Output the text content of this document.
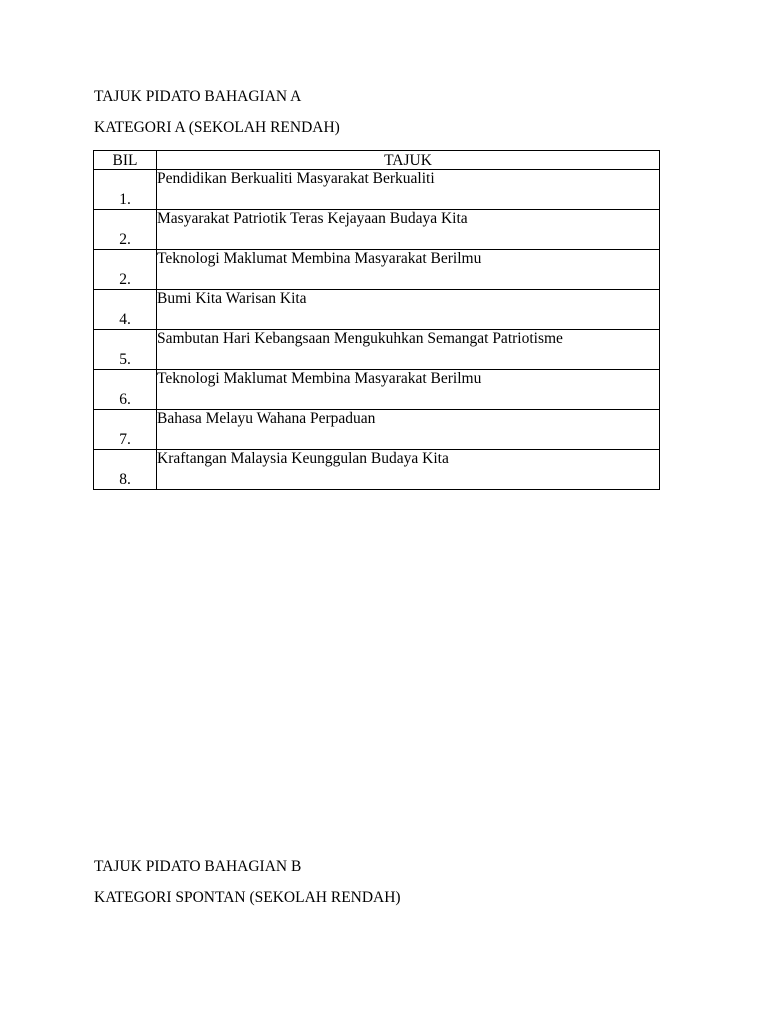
TAJUK PIDATO BAHAGIAN A

KATEGORI A (SEKOLAH RENDAH)

BIL	TAJUK
1.	Pendidikan Berkualiti Masyarakat Berkualiti
2.	Masyarakat Patriotik Teras Kejayaan Budaya Kita
2.	Teknologi Maklumat Membina Masyarakat Berilmu
4.	Bumi Kita Warisan Kita
5.	Sambutan Hari Kebangsaan Mengukuhkan Semangat Patriotisme
6.	Teknologi Maklumat Membina Masyarakat Berilmu
7.	Bahasa Melayu Wahana Perpaduan
8.	Kraftangan Malaysia Keunggulan Budaya Kita

TAJUK PIDATO BAHAGIAN B

KATEGORI SPONTAN (SEKOLAH RENDAH)
